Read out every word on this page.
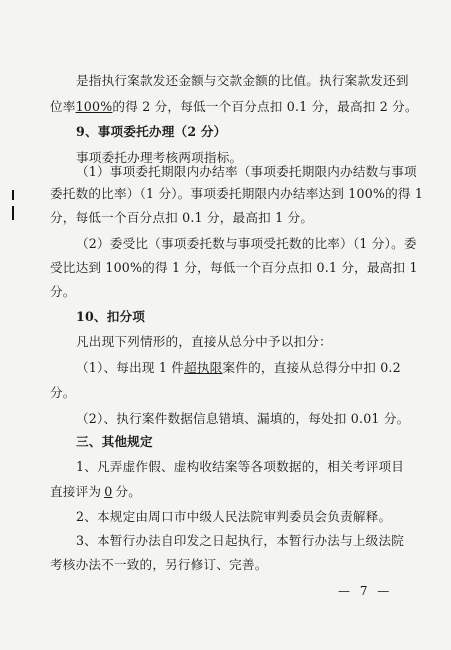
是指执行案款发还金额与交款金额的比值。执行案款发还到
位率100%的得 2 分，每低一个百分点扣 0.1 分，最高扣 2 分。
9、事项委托办理（2 分）
事项委托办理考核两项指标。
（1）事项委托期限内办结率（事项委托期限内办结数与事项
委托数的比率）（1 分）。事项委托期限内办结率达到 100%的得 1
分，每低一个百分点扣 0.1 分，最高扣 1 分。
（2）委受比（事项委托数与事项受托数的比率）（1 分）。委
受比达到 100%的得 1 分，每低一个百分点扣 0.1 分，最高扣 1
分。
10、扣分项
凡出现下列情形的，直接从总分中予以扣分：
（1）、每出现 1 件超执限案件的，直接从总得分中扣 0.2
分。
（2）、执行案件数据信息错填、漏填的，每处扣 0.01 分。
三、其他规定
1、凡弄虚作假、虚构收结案等各项数据的，相关考评项目
直接评为 0 分。
2、本规定由周口市中级人民法院审判委员会负责解释。
3、本暂行办法自印发之日起执行，本暂行办法与上级法院
考核办法不一致的，另行修订、完善。
— 7 —
